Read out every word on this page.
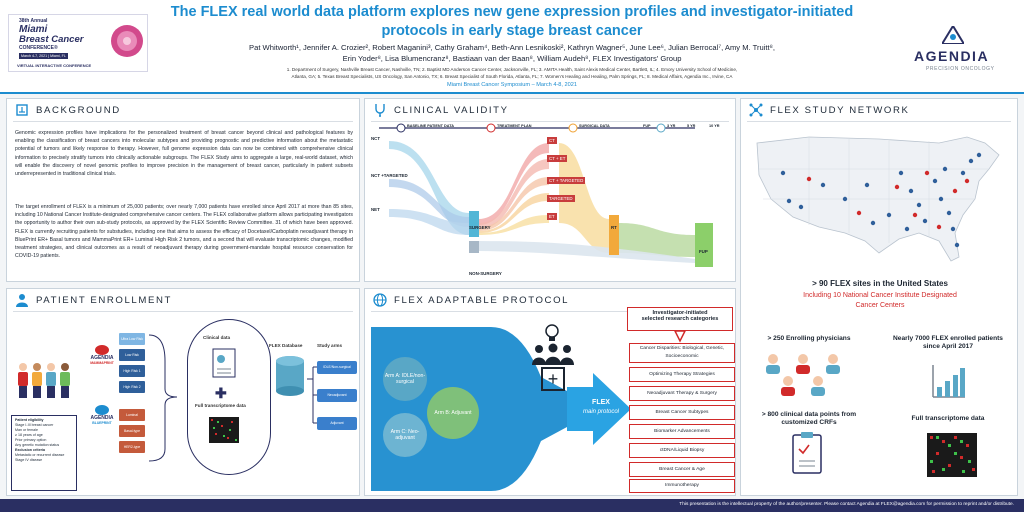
38th Annual
Miami
Breast Cancer
CONFERENCE®
March 4-7, 2021 | Miami, FL
VIRTUAL INTERACTIVE CONFERENCE
The FLEX real world data platform explores new gene expression profiles and investigator-initiated
protocols in early stage breast cancer
Pat Whitworth¹, Jennifer A. Crozier², Robert Maganini³, Cathy Graham⁴, Beth-Ann Lesnikoski², Kathryn Wagner⁵, June Lee⁶, Julian Berrocal⁷, Amy M. Truitt⁸,
Erin Yoder⁸, Lisa Blumencranz⁸, Bastiaan van der Baan⁸, William Audeh⁸, FLEX Investigators' Group
1. Department of Surgery, Nashville Breast Cancer, Nashville, TN; 2. Baptist MD Anderson Cancer Center, Jacksonville, FL; 3. AMITA Health, Saint Alexis Medical Center, Bartlett, IL; 4. Emory University School of Medicine,
Atlanta, GA; 5. Texas Breast Specialists, US Oncology, San Antonio, TX; 6. Breast Specialist of South Florida, Atlanta, FL; 7. Women's Healing and Healing, Palm Springs, FL; 8. Medical Affairs, Agendia Inc., Irvine, CA
Miami Breast Cancer Symposium – March 4-8, 2021
AGENDIA
PRECISION ONCOLOGY
BACKGROUND
Genomic expression profiles have implications for the personalized treatment of breast cancer beyond clinical and pathological features by enabling the classification of breast cancers into molecular subtypes and providing prognostic and predictive information about the metastatic potential of tumors and likely response to therapy. However, full genome expression data can now be combined with comprehensive clinical information to precisely stratify tumors into clinically actionable subgroups. The FLEX Study aims to aggregate a large, real-world dataset, which will enable the discovery of novel genomic profiles to improve precision in the management of breast cancer, particularly in patient subsets underrepresented in traditional clinical trials.
The target enrollment of FLEX is a minimum of 25,000 patients; over nearly 7,000 patients have enrolled since April 2017 at more than 85 sites, including 10 National Cancer Institute-designated comprehensive cancer centers. The FLEX collaborative platform allows participating investigators the opportunity to author their own sub-study protocols, as approved by the FLEX Scientific Review Committee. 31 of which have been approved. FLEX is currently recruiting patients for substudies, including one that aims to assess the efficacy of Docetaxel/Carboplatin neoadjuvant therapy in BluePrint ER+ Basal tumors and MammaPrint ER+ Luminal High Risk 2 tumors, and a second that will evaluate transcriptomic changes, modified treatment strategies, and clinical outcomes as a result of neoadjuvant therapy during government-mandate hospital resource conservation for COVID-19 patients.
CLINICAL VALIDITY
BASELINE PATIENT DATA	TREATMENT PLAN	SURGICAL DATA	FUP	3 YR	5 YR	10 YR
NCT
NCT +TARGETED
NET
SURGERY
NON-SURGERY
CT
CT + ET
CT + TARGETED
TARGETED
ET
RT
FUP
FLEX STUDY NETWORK
> 90 FLEX sites in the United States
Including 10 National Cancer Institute Designated
Cancer Centers
> 250 Enrolling physicians	Nearly 7000 FLEX enrolled patients
since April 2017
> 800 clinical data points from
customized CRFs
Full transcriptome data
PATIENT ENROLLMENT
AGENDIA
MAMMAPRINT
AGENDIA
BLUEPRINT
Ultra Low Risk
Low Risk
High Risk 1
High Risk 2
Luminal
Basal-type
HER2-type
Clinical data
✚
Full transcriptome data
FLEX Database	Study arms
IDLE/Non-surgical
Neoadjuvant
Adjuvant
Patient eligibility
Stage I-III breast cancer
Man or female
≥ 18 years of age
Prior primary option
Any genetic mutation status
Exclusion criteria
Metastatic or recurrent disease
Stage IV disease
FLEX ADAPTABLE PROTOCOL
Arm A: IDLE/non-surgical
Arm B: Adjuvant
Arm C: Neo-adjuvant
+
FLEX
main protocol
Investigator-initiated
selected research categories
Cancer Disparities: Biological, Genetic, Socioeconomic
Optimizing Therapy Strategies
Neoadjuvant Therapy & Surgery
Breast Cancer Subtypes
Biomarker Advancements
ctDNA/Liquid Biopsy
Breast Cancer & Age
Immunotherapy
This presentation is the intellectual property of the author/presenter. Please contact Agendia at FLEX@agendia.com for permission to reprint and/or distribute.
